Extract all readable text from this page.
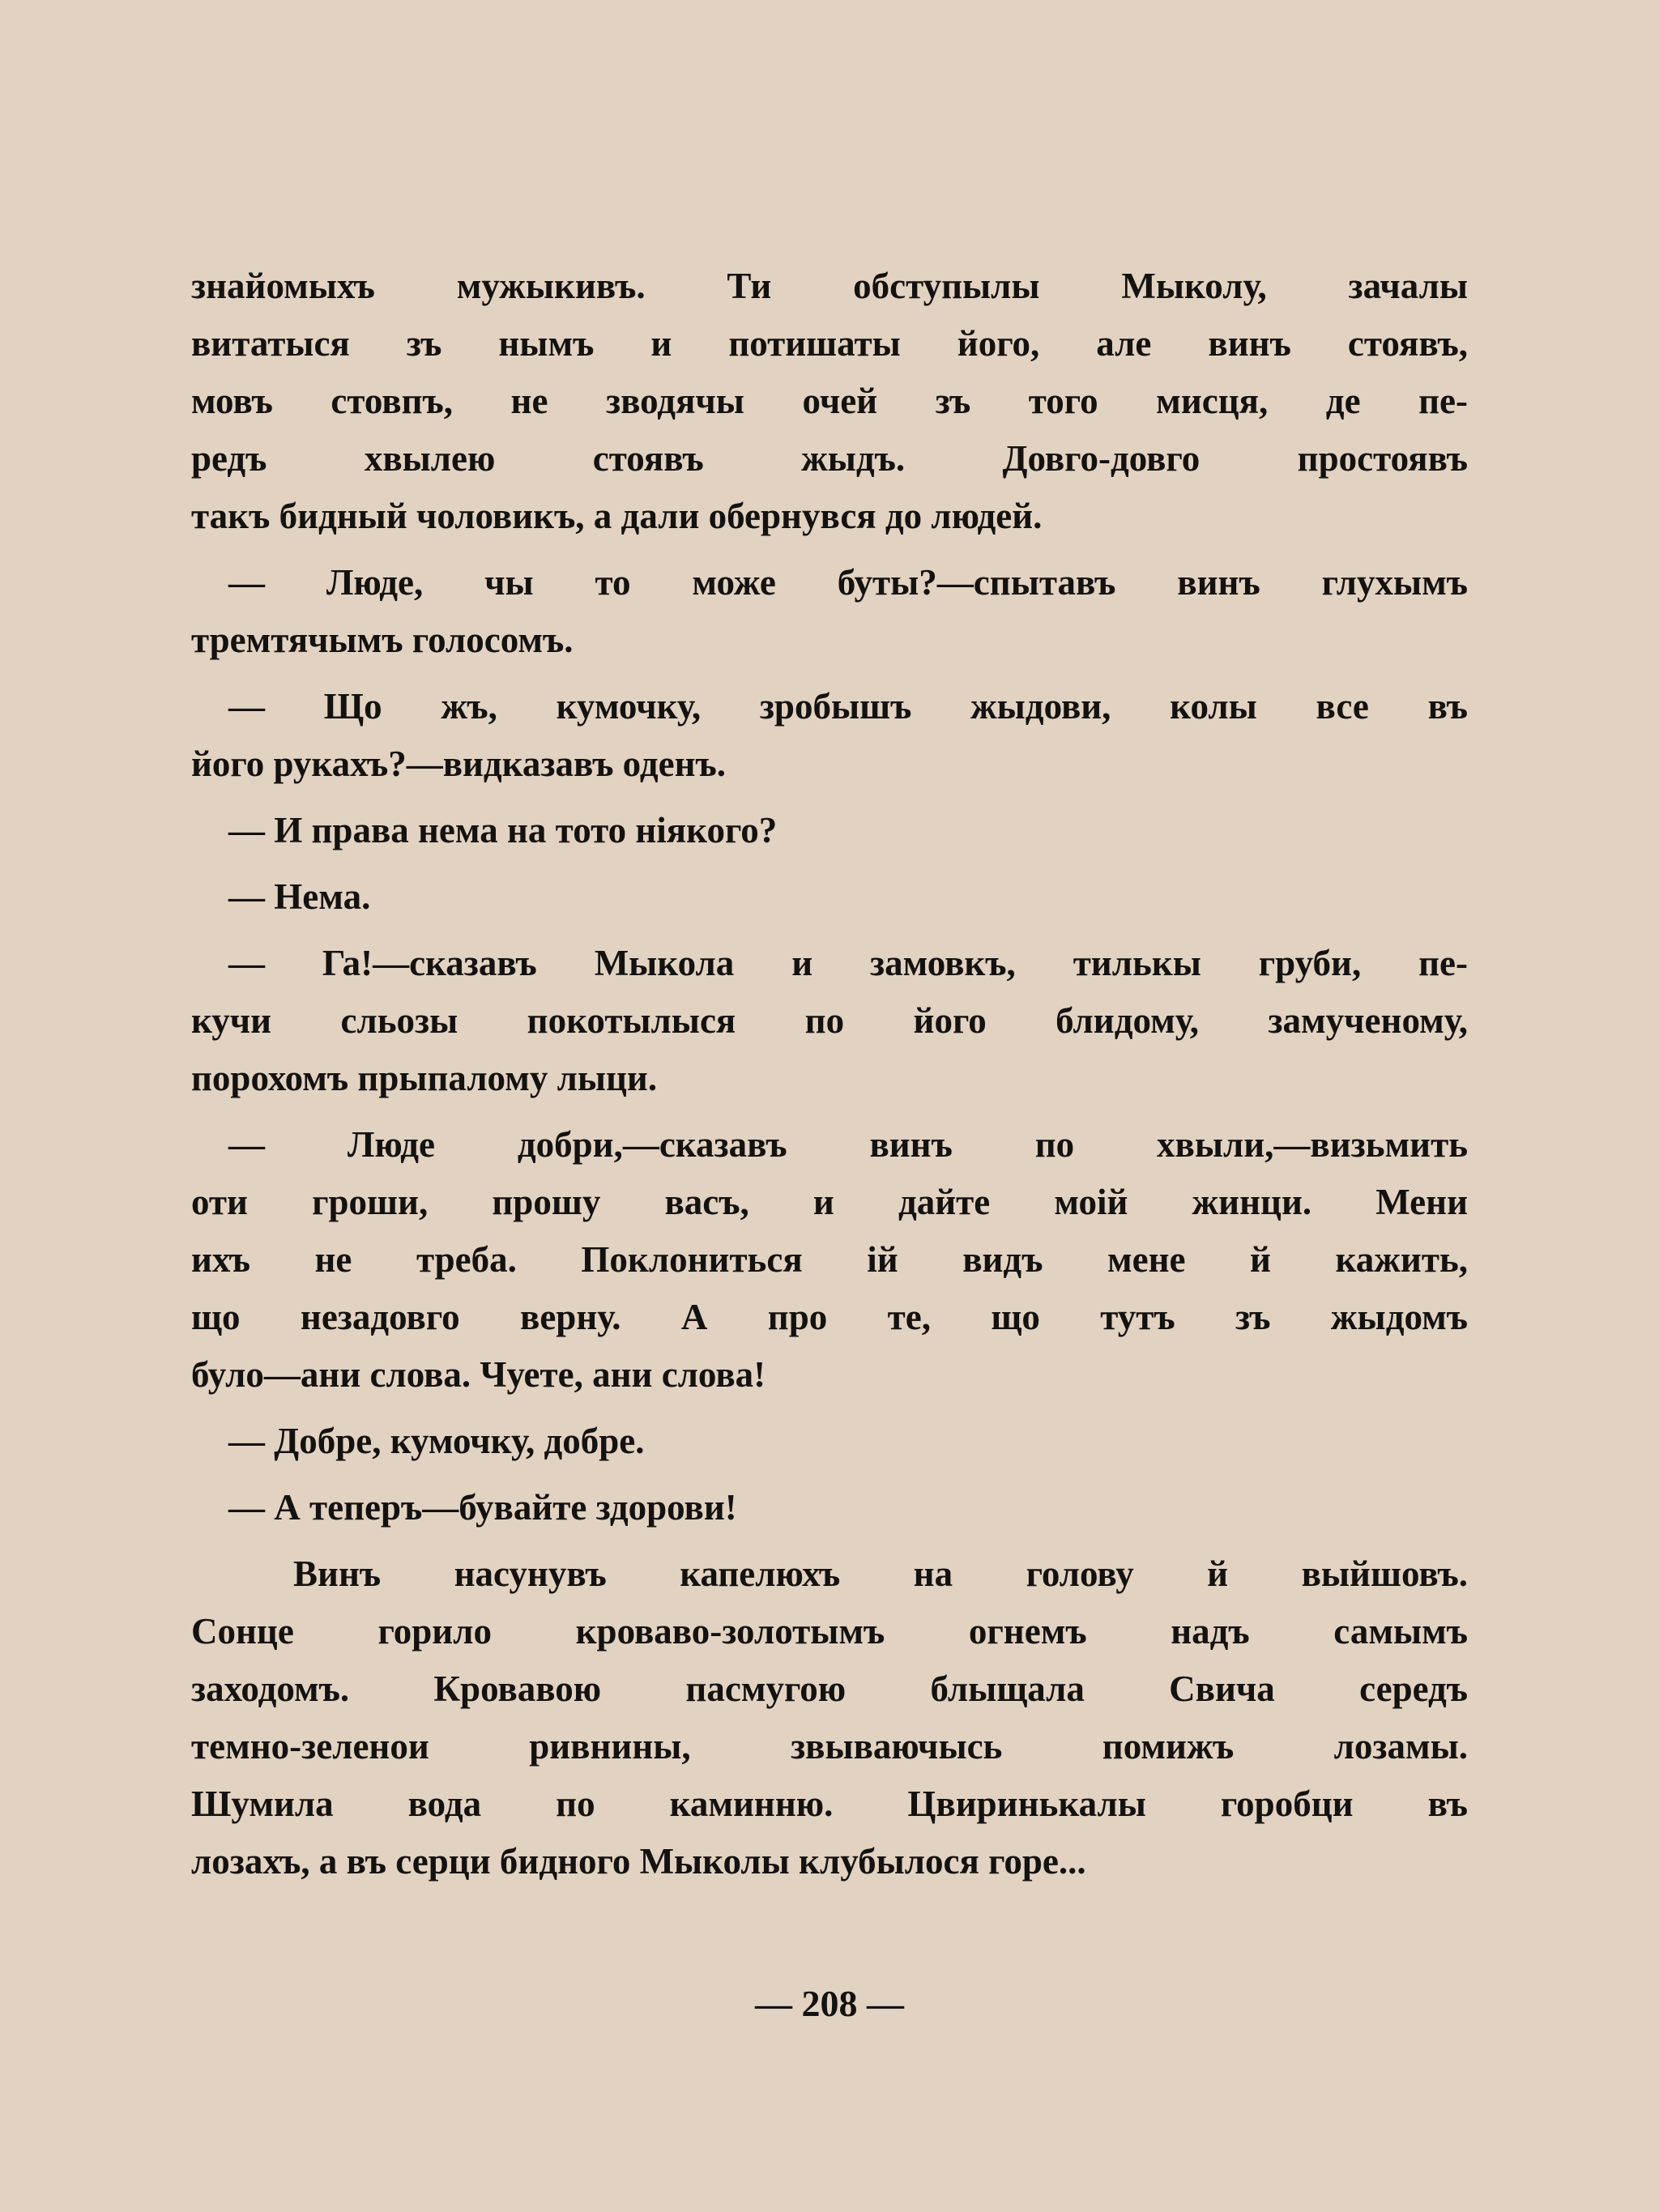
знайомыхъ мужыкивъ. Ти обступылы Мыколу, зачалы
витатыся зъ нымъ и потишаты його, але винъ стоявъ,
мовъ стовпъ, не зводячы очей зъ того мисця, де пе-
редъ хвылею стоявъ жыдъ. Довго-довго простоявъ
такъ бидный чоловикъ, а дали обернувся до людей.
— Люде, чы то може буты?—спытавъ винъ глухымъ
тремтячымъ голосомъ.
— Що жъ, кумочку, зробышъ жыдови, колы все въ
його рукахъ?—видказавъ оденъ.
— И права нема на тото ніякого?
— Нема.
— Га!—сказавъ Мыкола и замовкъ, тилькы груби, пе-
кучи сльозы покотылыся по його блидому, замученому,
порохомъ прыпалому лыци.
— Люде добри,—сказавъ винъ по хвыли,—визьмить
оти гроши, прошу васъ, и дайте моій жинци. Мени
ихъ не треба. Поклониться ій видъ мене й кажить,
що незадовго верну. А про те, що тутъ зъ жыдомъ
було—ани слова. Чуете, ани слова!
— Добре, кумочку, добре.
— А теперъ—бувайте здорови!
Винъ насунувъ капелюхъ на голову й выйшовъ.
Сонце горило кроваво-золотымъ огнемъ надъ самымъ
заходомъ. Кровавою пасмугою блыщала Свича середъ
темно-зеленои ривнины, звываючысь помижъ лозамы.
Шумила вода по каминню. Цвиринькалы горобци въ
лозахъ, а въ серци бидного Мыколы клубылося горе...
— 208 —
